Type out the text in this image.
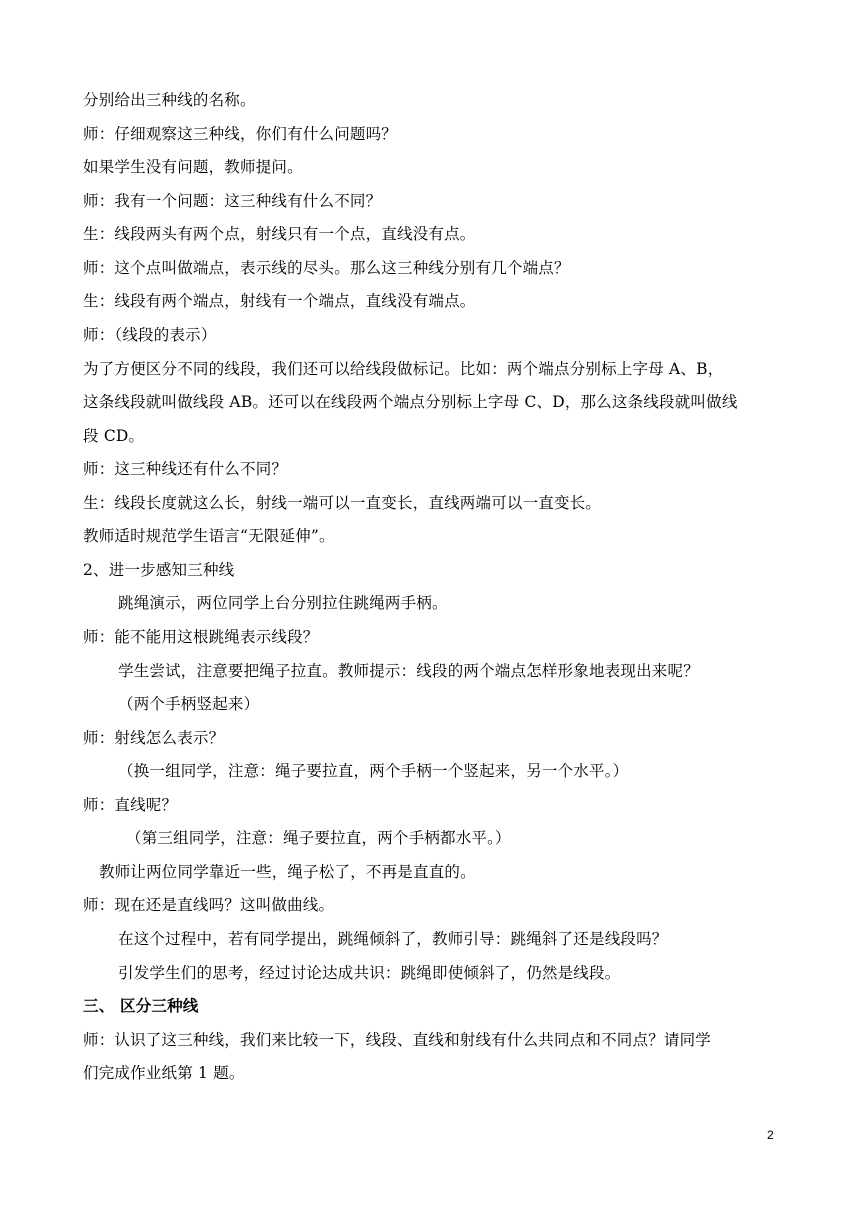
分别给出三种线的名称。
师：仔细观察这三种线，你们有什么问题吗？
如果学生没有问题，教师提问。
师：我有一个问题：这三种线有什么不同？
生：线段两头有两个点，射线只有一个点，直线没有点。
师：这个点叫做端点，表示线的尽头。那么这三种线分别有几个端点？
生：线段有两个端点，射线有一个端点，直线没有端点。
师：（线段的表示）
为了方便区分不同的线段，我们还可以给线段做标记。比如：两个端点分别标上字母 A、B，
这条线段就叫做线段 AB。还可以在线段两个端点分别标上字母 C、D，那么这条线段就叫做线
段 CD。
师：这三种线还有什么不同？
生：线段长度就这么长，射线一端可以一直变长，直线两端可以一直变长。
教师适时规范学生语言“无限延伸”。
2、进一步感知三种线
跳绳演示，两位同学上台分别拉住跳绳两手柄。
师：能不能用这根跳绳表示线段？
学生尝试，注意要把绳子拉直。教师提示：线段的两个端点怎样形象地表现出来呢？
（两个手柄竖起来）
师：射线怎么表示？
（换一组同学，注意：绳子要拉直，两个手柄一个竖起来，另一个水平。）
师：直线呢？
（第三组同学，注意：绳子要拉直，两个手柄都水平。）
教师让两位同学靠近一些，绳子松了，不再是直直的。
师：现在还是直线吗？这叫做曲线。
在这个过程中，若有同学提出，跳绳倾斜了，教师引导：跳绳斜了还是线段吗？
引发学生们的思考，经过讨论达成共识：跳绳即使倾斜了，仍然是线段。
三、 区分三种线
师：认识了这三种线，我们来比较一下，线段、直线和射线有什么共同点和不同点？请同学
们完成作业纸第 1 题。
2
